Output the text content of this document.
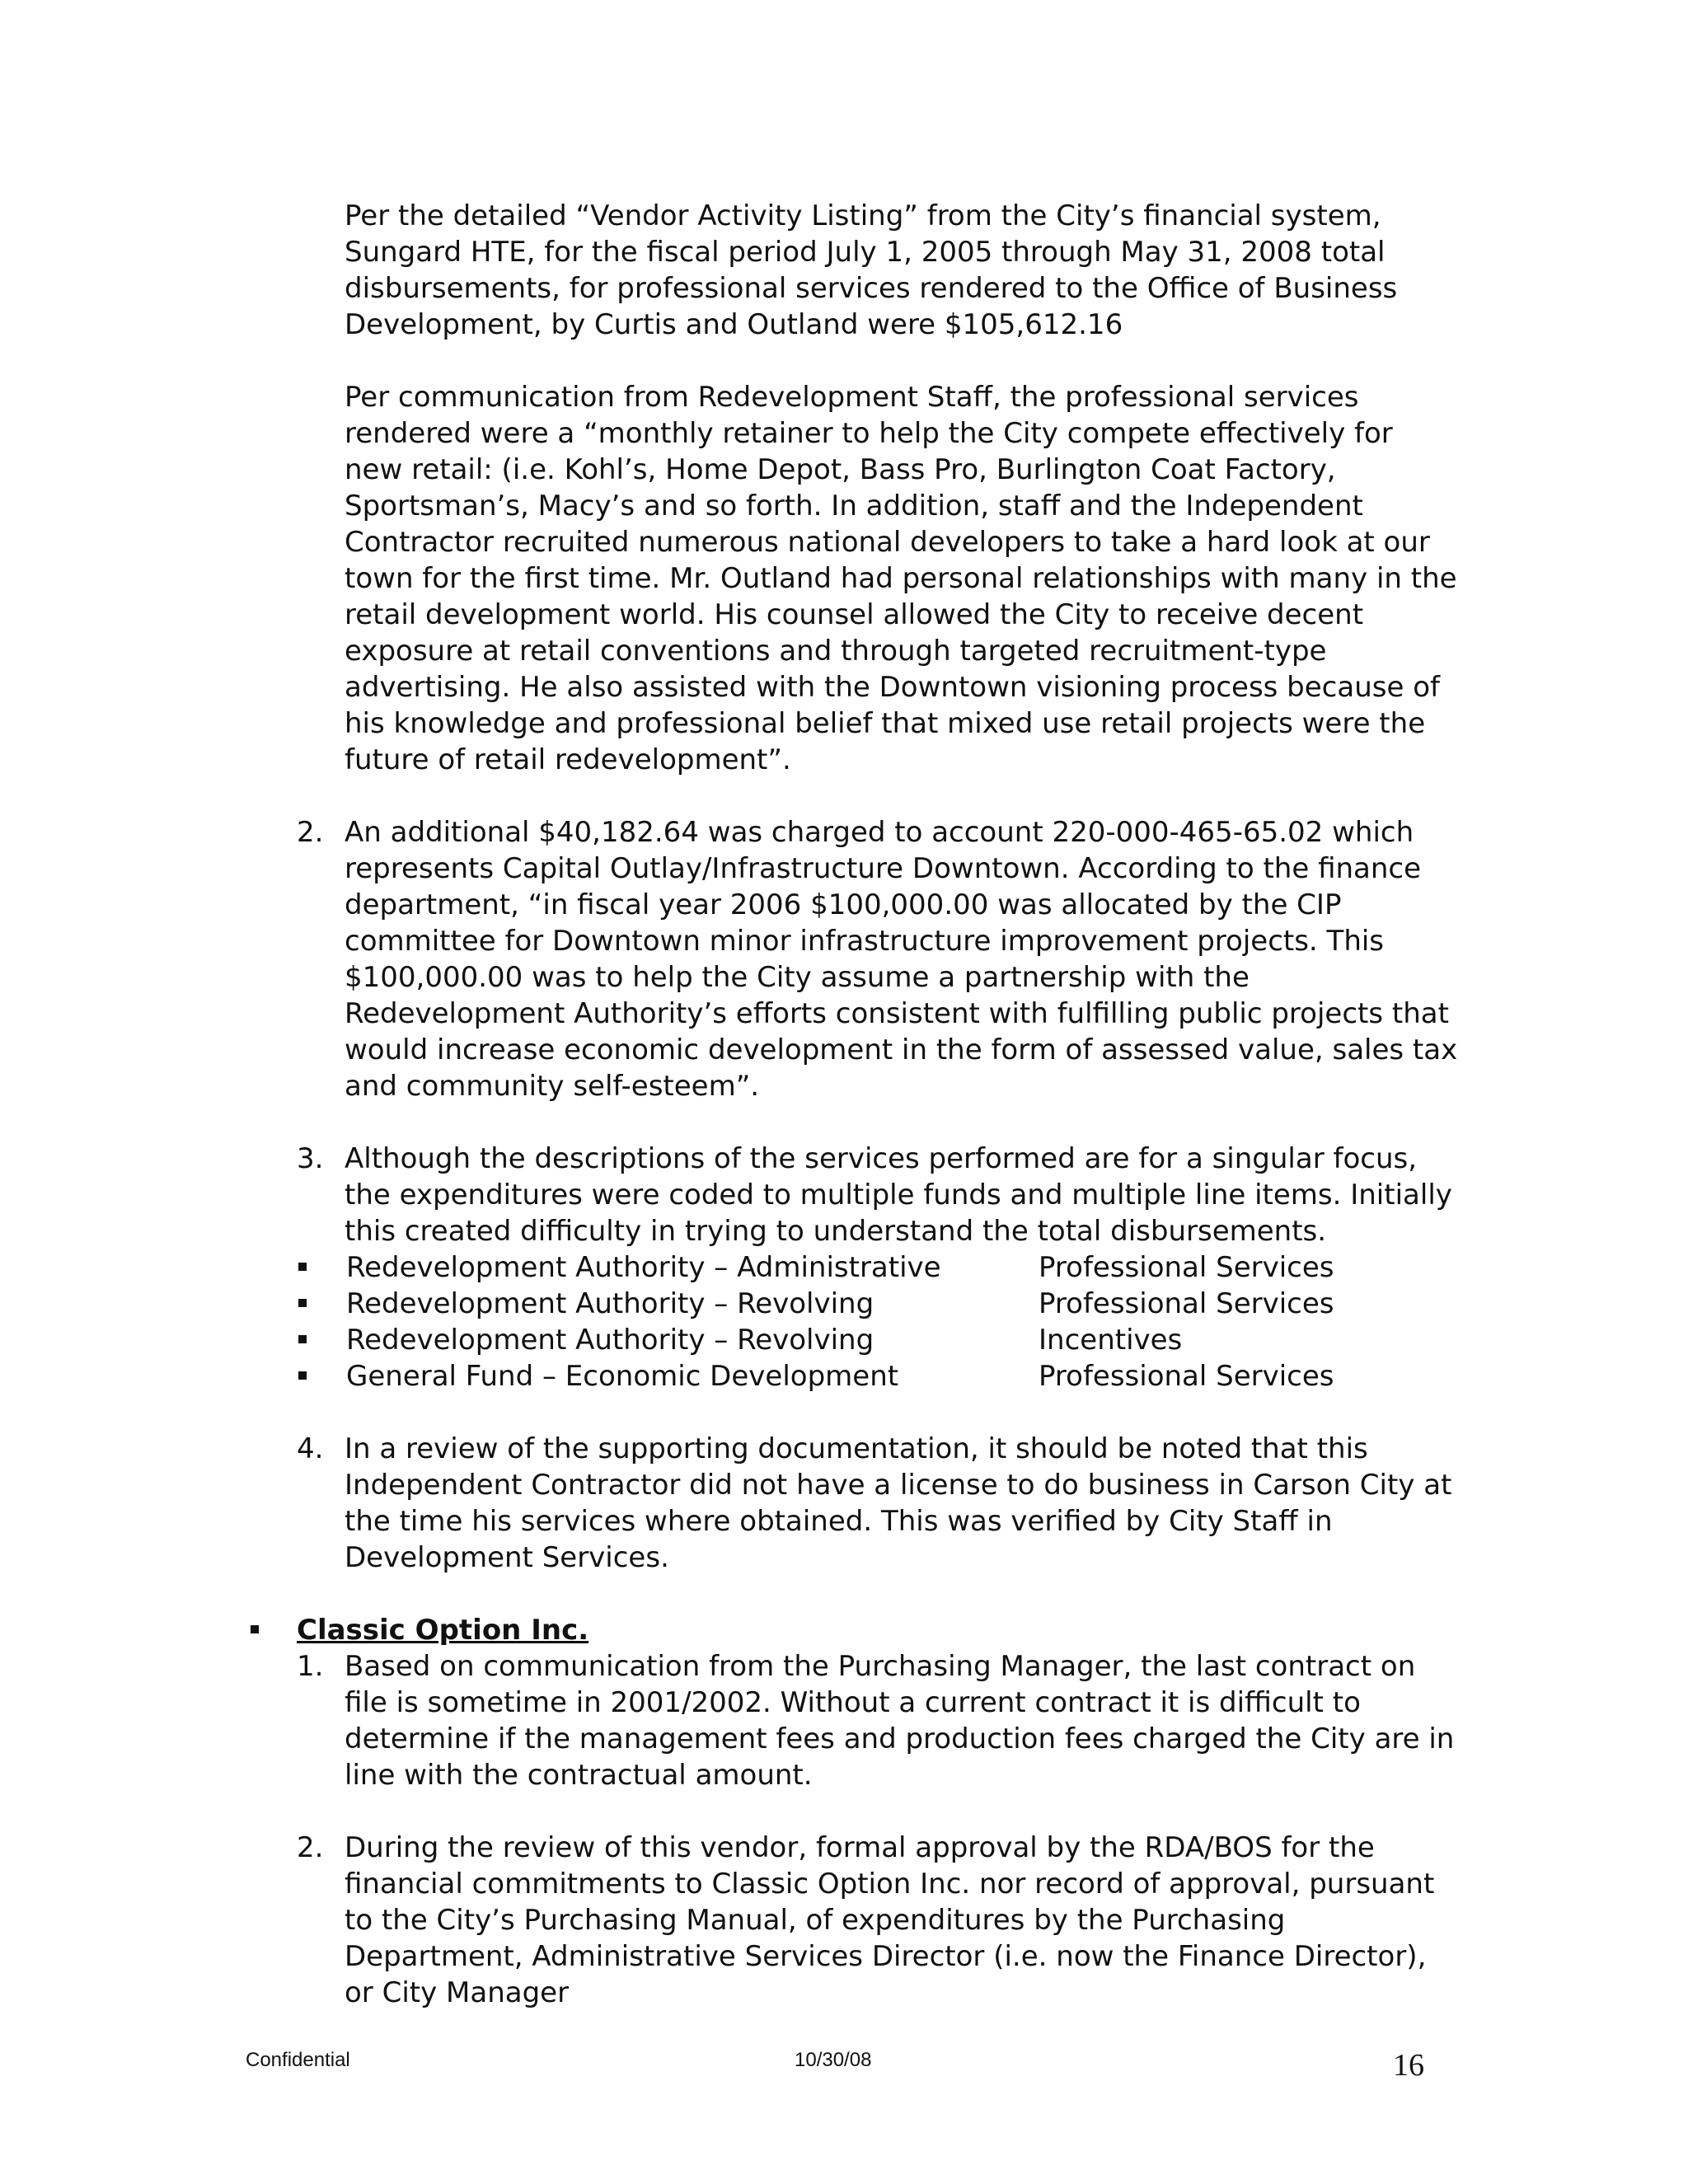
Per the detailed “Vendor Activity Listing” from the City’s financial system, Sungard HTE, for the fiscal period July 1, 2005 through May 31, 2008 total disbursements, for professional services rendered to the Office of Business Development, by Curtis and Outland were $105,612.16

Per communication from Redevelopment Staff, the professional services rendered were a “monthly retainer to help the City compete effectively for new retail: (i.e. Kohl’s, Home Depot, Bass Pro, Burlington Coat Factory, Sportsman’s, Macy’s and so forth. In addition, staff and the Independent Contractor recruited numerous national developers to take a hard look at our town for the first time. Mr. Outland had personal relationships with many in the retail development world. His counsel allowed the City to receive decent exposure at retail conventions and through targeted recruitment-type advertising. He also assisted with the Downtown visioning process because of his knowledge and professional belief that mixed use retail projects were the future of retail redevelopment”.

2. An additional $40,182.64 was charged to account 220-000-465-65.02 which represents Capital Outlay/Infrastructure Downtown. According to the finance department, “in fiscal year 2006 $100,000.00 was allocated by the CIP committee for Downtown minor infrastructure improvement projects. This $100,000.00 was to help the City assume a partnership with the Redevelopment Authority’s efforts consistent with fulfilling public projects that would increase economic development in the form of assessed value, sales tax and community self-esteem”.
3. Although the descriptions of the services performed are for a singular focus, the expenditures were coded to multiple funds and multiple line items. Initially this created difficulty in trying to understand the total disbursements.
Redevelopment Authority – Administrative	Professional Services
Redevelopment Authority – Revolving	Professional Services
Redevelopment Authority – Revolving	Incentives
General Fund – Economic Development	Professional Services
4. In a review of the supporting documentation, it should be noted that this Independent Contractor did not have a license to do business in Carson City at the time his services where obtained. This was verified by City Staff in Development Services.
Classic Option Inc.
1. Based on communication from the Purchasing Manager, the last contract on file is sometime in 2001/2002. Without a current contract it is difficult to determine if the management fees and production fees charged the City are in line with the contractual amount.
2. During the review of this vendor, formal approval by the RDA/BOS for the financial commitments to Classic Option Inc. nor record of approval, pursuant to the City’s Purchasing Manual, of expenditures by the Purchasing Department, Administrative Services Director (i.e. now the Finance Director), or City Manager
Confidential	10/30/08	16
